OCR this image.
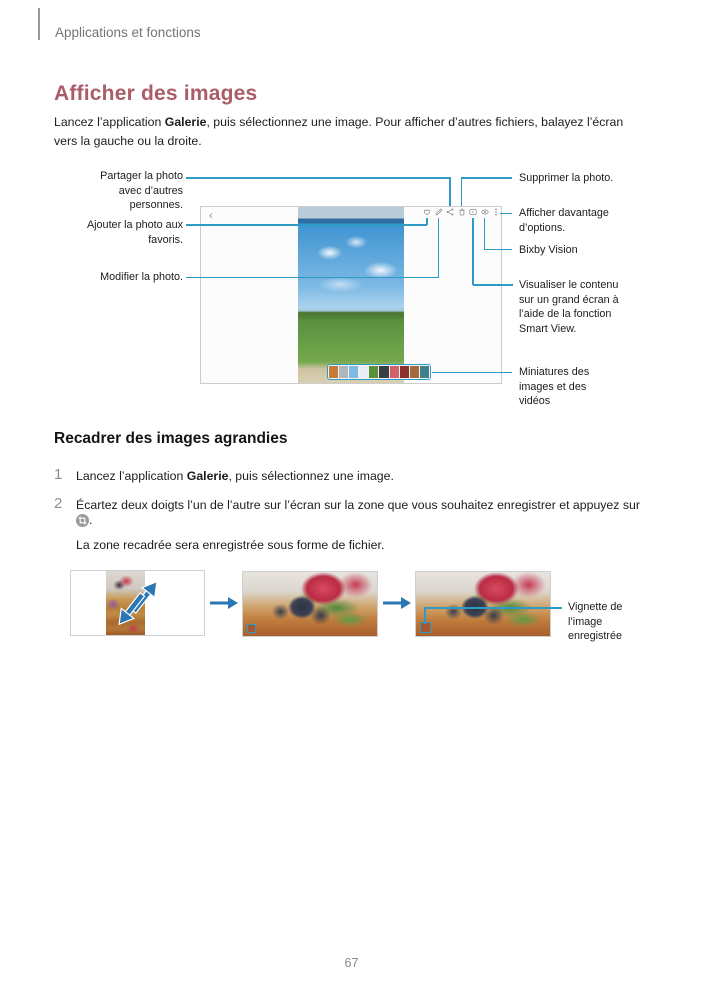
Applications et fonctions
Afficher des images
Lancez l’application Galerie, puis sélectionnez une image. Pour afficher d’autres fichiers, balayez l’écran vers la gauche ou la droite.
Partager la photo avec d’autres personnes.
Ajouter la photo aux favoris.
Modifier la photo.
‹
Supprimer la photo.
Afficher davantage d’options.
Bixby Vision
Visualiser le contenu sur un grand écran à l’aide de la fonction Smart View.
Miniatures des images et des vidéos
Recadrer des images agrandies
1 Lancez l’application Galerie, puis sélectionnez une image.
2 Écartez deux doigts l’un de l’autre sur l’écran sur la zone que vous souhaitez enregistrer et appuyez sur
.
La zone recadrée sera enregistrée sous forme de fichier.
Vignette de l’image enregistrée
67
